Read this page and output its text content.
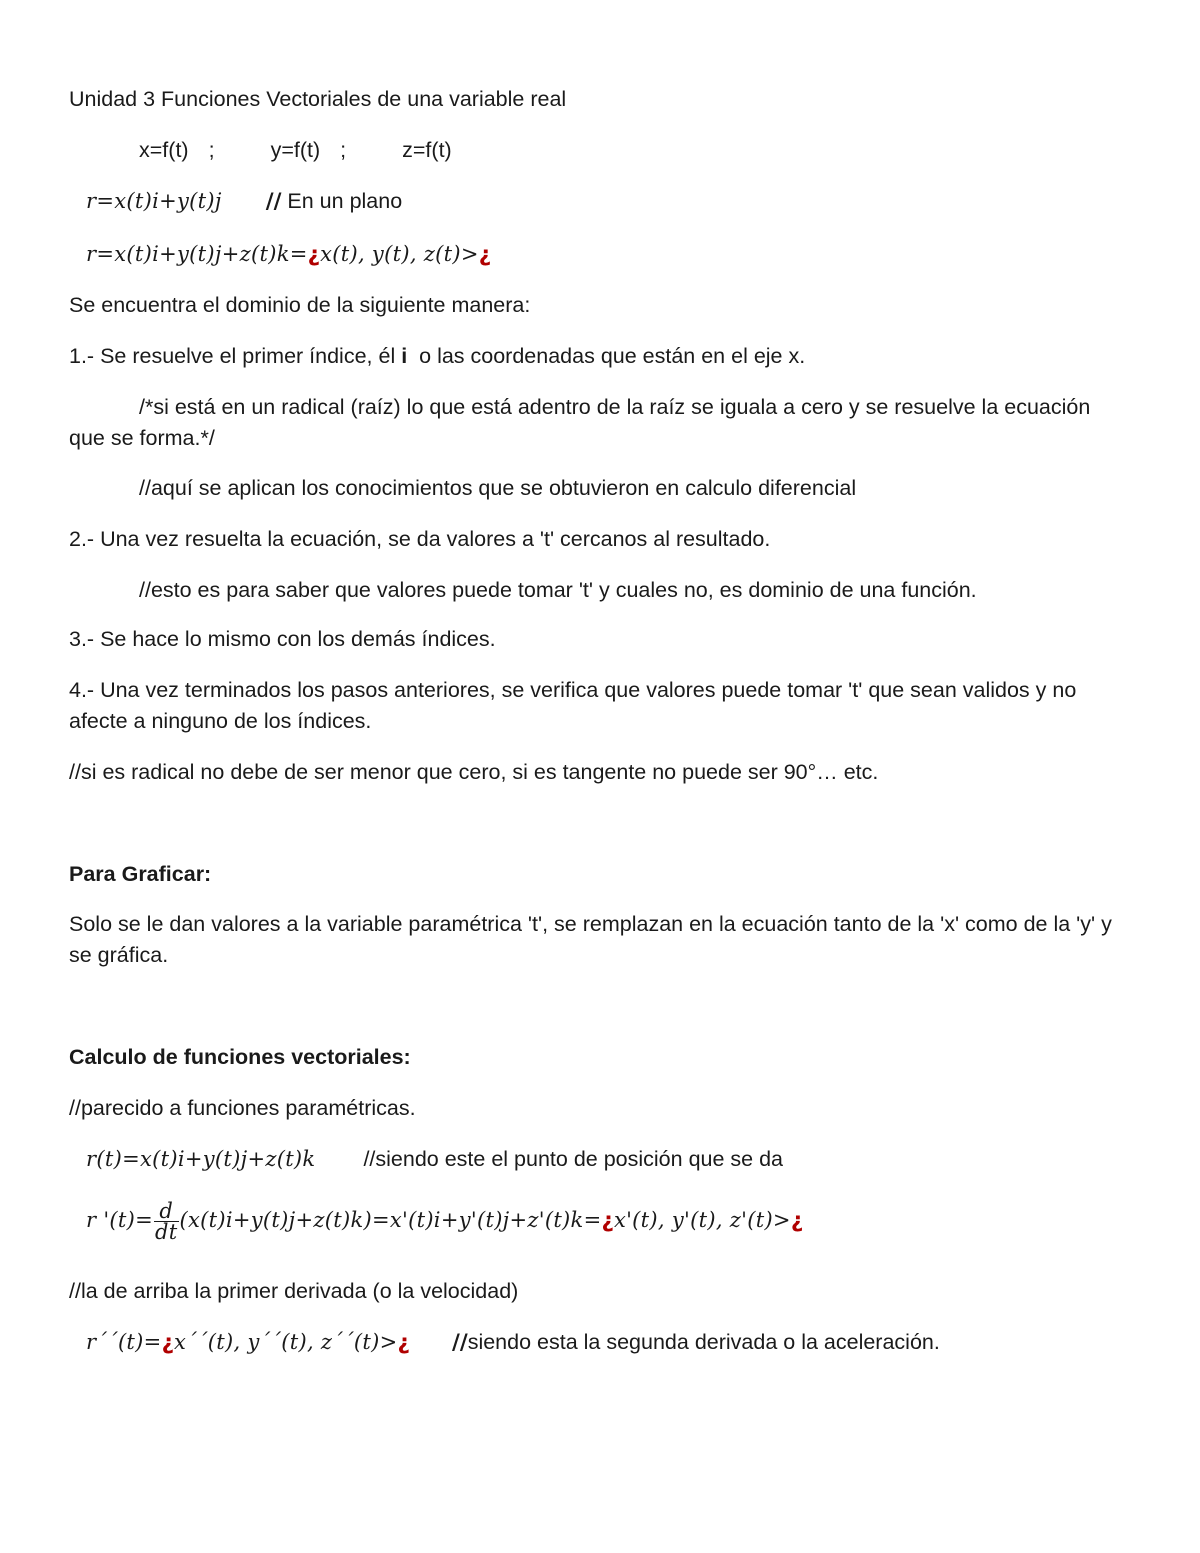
Unidad 3 Funciones Vectoriales de una variable real
x=f(t) ;	y=f(t) ;	z=f(t)
r=x(t)i+y(t)j // En un plano
r=x(t)i+y(t)j+z(t)k=¿x(t), y(t), z(t)>¿
Se encuentra el dominio de la siguiente manera:
1.- Se resuelve el primer índice, él i  o las coordenadas que están en el eje x.
/*si está en un radical (raíz) lo que está adentro de la raíz se iguala a cero y se resuelve la ecuación que se forma.*/
//aquí se aplican los conocimientos que se obtuvieron en calculo diferencial
2.- Una vez resuelta la ecuación, se da valores a 't' cercanos al resultado.
//esto es para saber que valores puede tomar 't' y cuales no, es dominio de una función.
3.- Se hace lo mismo con los demás índices.
4.- Una vez terminados los pasos anteriores, se verifica que valores puede tomar 't' que sean validos y no afecte a ninguno de los índices.
//si es radical no debe de ser menor que cero, si es tangente no puede ser 90°… etc.
Para Graficar:
Solo se le dan valores a la variable paramétrica 't', se remplazan en la ecuación tanto de la 'x' como de la 'y' y se gráfica.
Calculo de funciones vectoriales:
//parecido a funciones paramétricas.
r(t)=x(t)i+y(t)j+z(t)k //siendo este el punto de posición que se da
r '$(t)= \frac{d}{dt}$ (x(t)i+y(t)j+z(t)k)=x'(t)i+y'(t)j+z'(t)k=¿x'(t), y'(t), z'(t)>¿
//la de arriba la primer derivada (o la velocidad)
r´´(t)=¿x´´(t), y´´(t), z´´(t)>¿ //siendo esta la segunda derivada o la aceleración.
